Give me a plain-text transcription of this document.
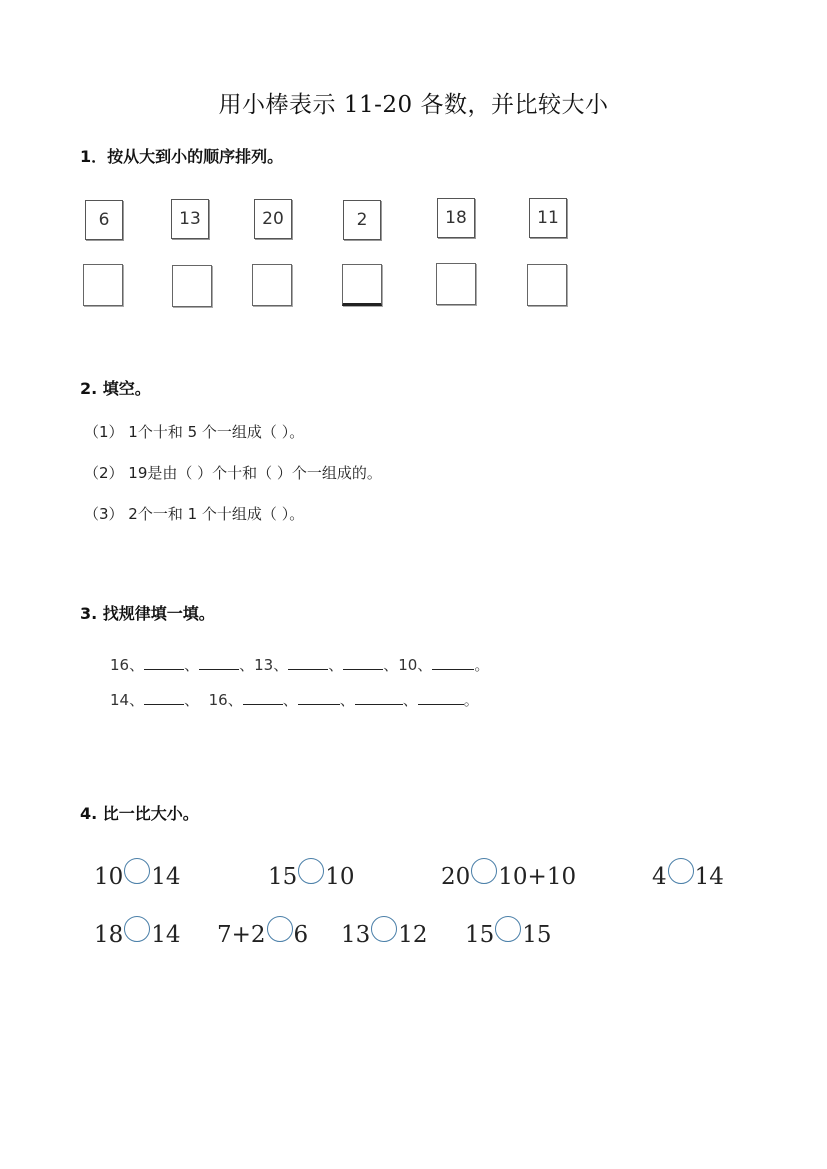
用小棒表示 11-20 各数，并比较大小
1．按从大到小的顺序排列。
6	13	20	2	18	11
2. 填空。
（1） 1个十和 5 个一组成（ ）。
（2） 19是由（ ）个十和（ ）个一组成的。
（3） 2个一和 1 个十组成（ ）。
3. 找规律填一填。
16、	、	、13、	、	、10、	。
14、	、  16、	、	、	、	。
4. 比一比大小。
10 14	15 10	20 10+10	4 14
18 14 7+2 6 13 12 15 15
